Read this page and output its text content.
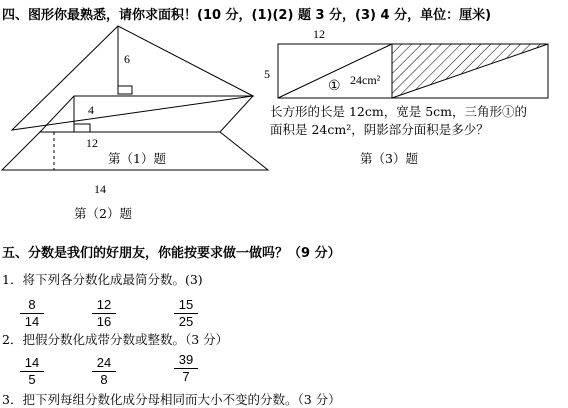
四、图形你最熟悉，请你求面积！(10 分，(1)(2) 题 3 分，(3) 4 分，单位：厘米)
6
4
12
第（1）题
14
第（2）题
12
5
① 24cm²
长方形的长是 12cm，宽是 5cm，三角形①的
面积是 24cm²，阴影部分面积是多少？
第（3）题
五、分数是我们的好朋友，你能按要求做一做吗？（9 分）
1．将下列各分数化成最简分数。(3)
8
14
12
16
15
25
2．把假分数化成带分数或整数。（3 分）
14
5
24
8
39
7
3．把下列每组分数化成分母相同而大小不变的分数。（3 分）
